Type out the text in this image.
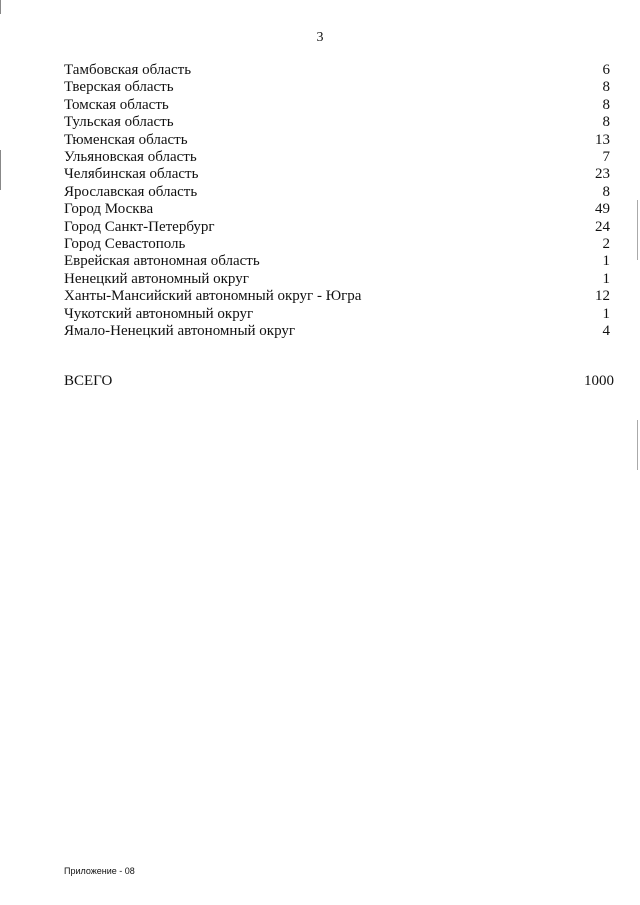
3
Тамбовская область	6
Тверская область	8
Томская область	8
Тульская область	8
Тюменская область	13
Ульяновская область	7
Челябинская область	23
Ярославская область	8
Город Москва	49
Город Санкт-Петербург	24
Город Севастополь	2
Еврейская автономная область	1
Ненецкий автономный округ	1
Ханты-Мансийский автономный округ - Югра	12
Чукотский автономный округ	1
Ямало-Ненецкий автономный округ	4
ВСЕГО	1000
Приложение - 08
